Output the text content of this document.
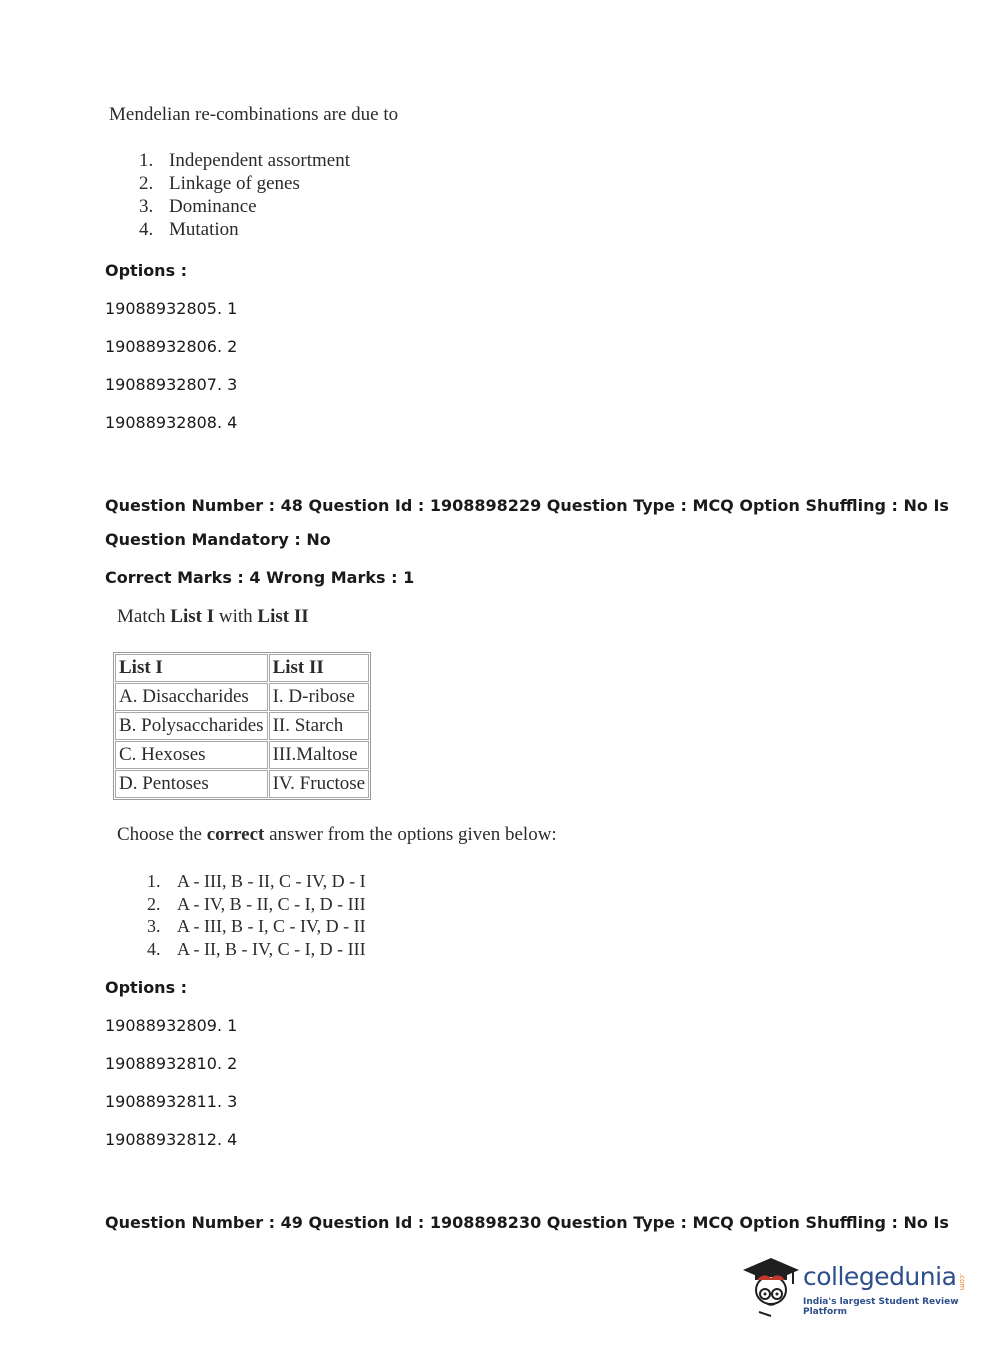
Mendelian re-combinations are due to
1. Independent assortment
2. Linkage of genes
3. Dominance
4. Mutation
Options :
19088932805. 1
19088932806. 2
19088932807. 3
19088932808. 4
Question Number : 48 Question Id : 1908898229 Question Type : MCQ Option Shuffling : No Is
Question Mandatory : No
Correct Marks : 4 Wrong Marks : 1
Match List I with List II
List I	List II
A. Disaccharides	I. D-ribose
B. Polysaccharides	II. Starch
C. Hexoses	III.Maltose
D. Pentoses	IV. Fructose
Choose the correct answer from the options given below:
1. A - III, B - II, C - IV, D - I
2. A - IV, B - II, C - I, D - III
3. A - III, B - I, C - IV, D - II
4. A - II, B - IV, C - I, D - III
Options :
19088932809. 1
19088932810. 2
19088932811. 3
19088932812. 4
Question Number : 49 Question Id : 1908898230 Question Type : MCQ Option Shuffling : No Is
collegedunia .com
India's largest Student Review Platform
